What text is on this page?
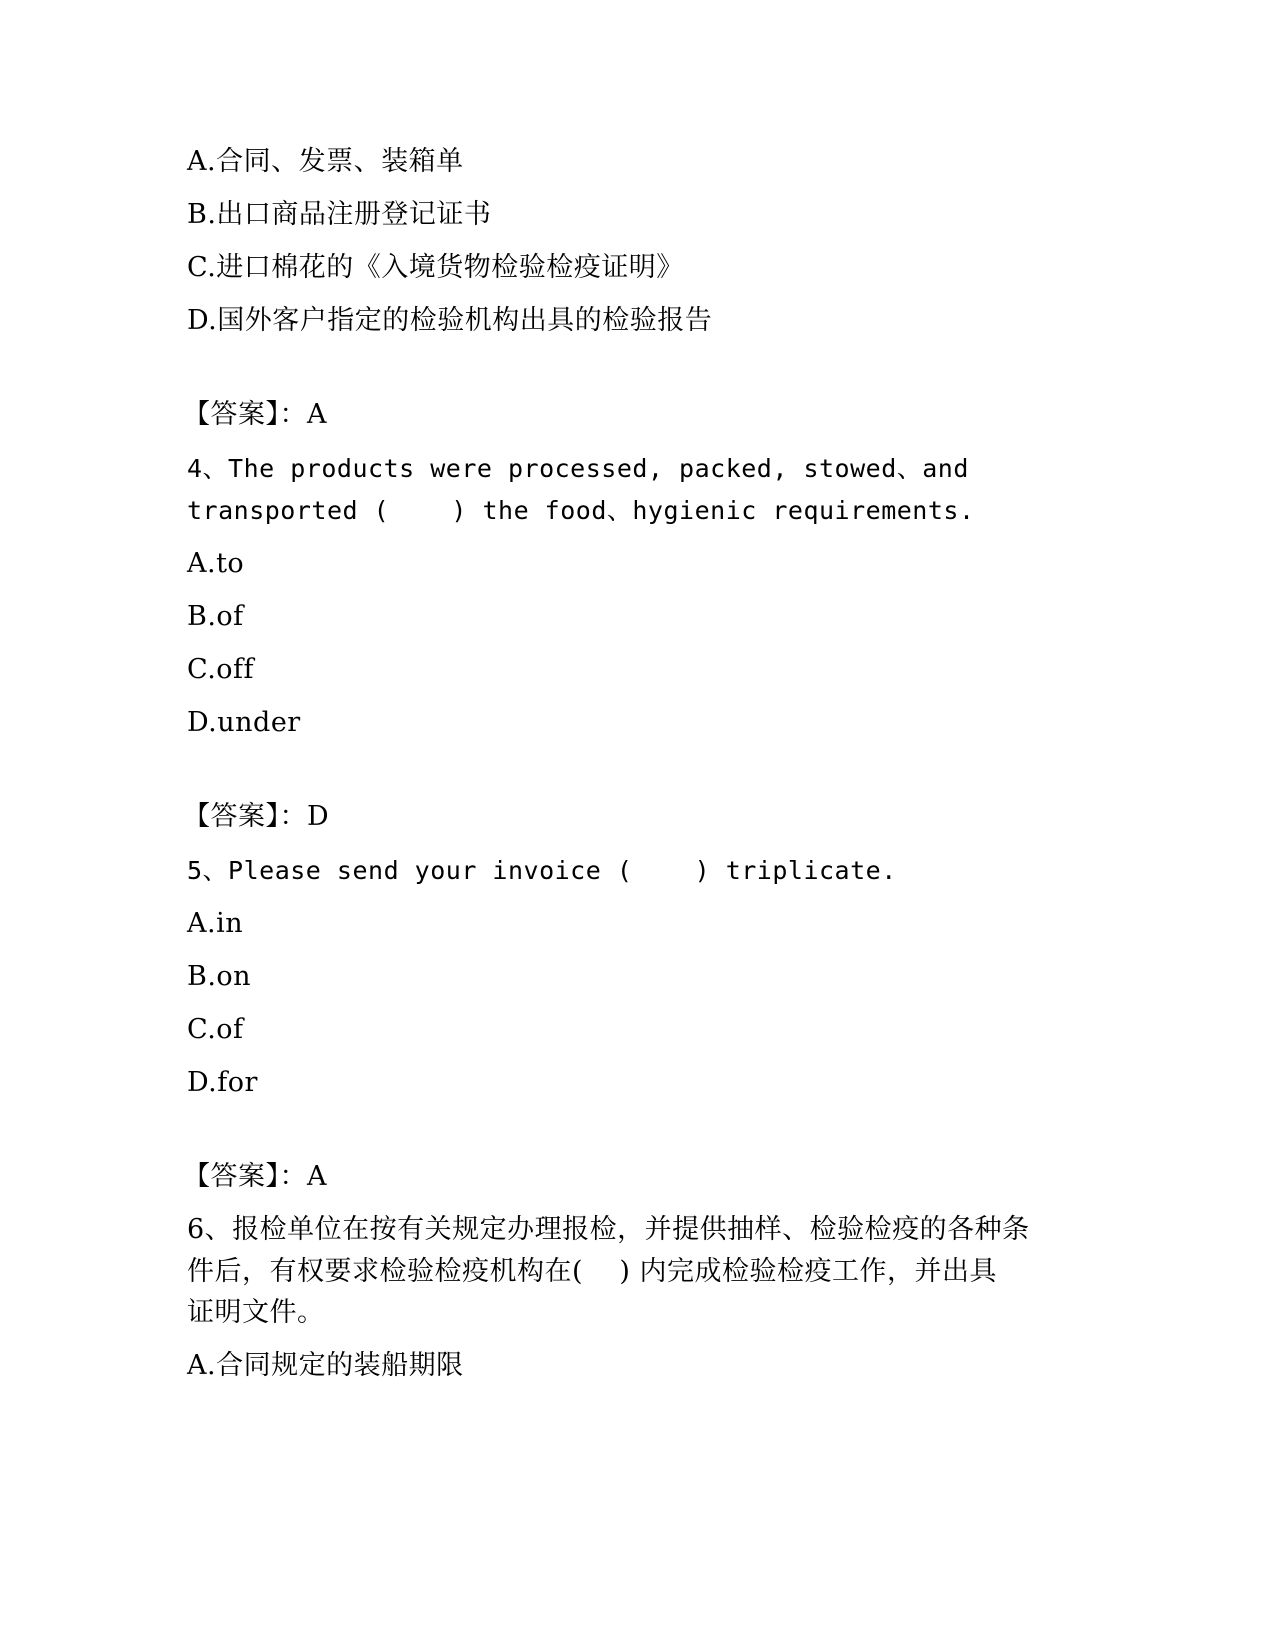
A.合同、发票、装箱单
B.出口商品注册登记证书
C.进口棉花的《入境货物检验检疫证明》
D.国外客户指定的检验机构出具的检验报告
【答案】：A
4、The products were processed, packed, stowed、and
transported (    ) the food、hygienic requirements.
A.to
B.of
C.off
D.under
【答案】：D
5、Please send your invoice (    ) triplicate.
A.in
B.on
C.of
D.for
【答案】：A
6、报检单位在按有关规定办理报检，并提供抽样、检验检疫的各种条
件后，有权要求检验检疫机构在(    ) 内完成检验检疫工作，并出具
证明文件。
A.合同规定的装船期限
